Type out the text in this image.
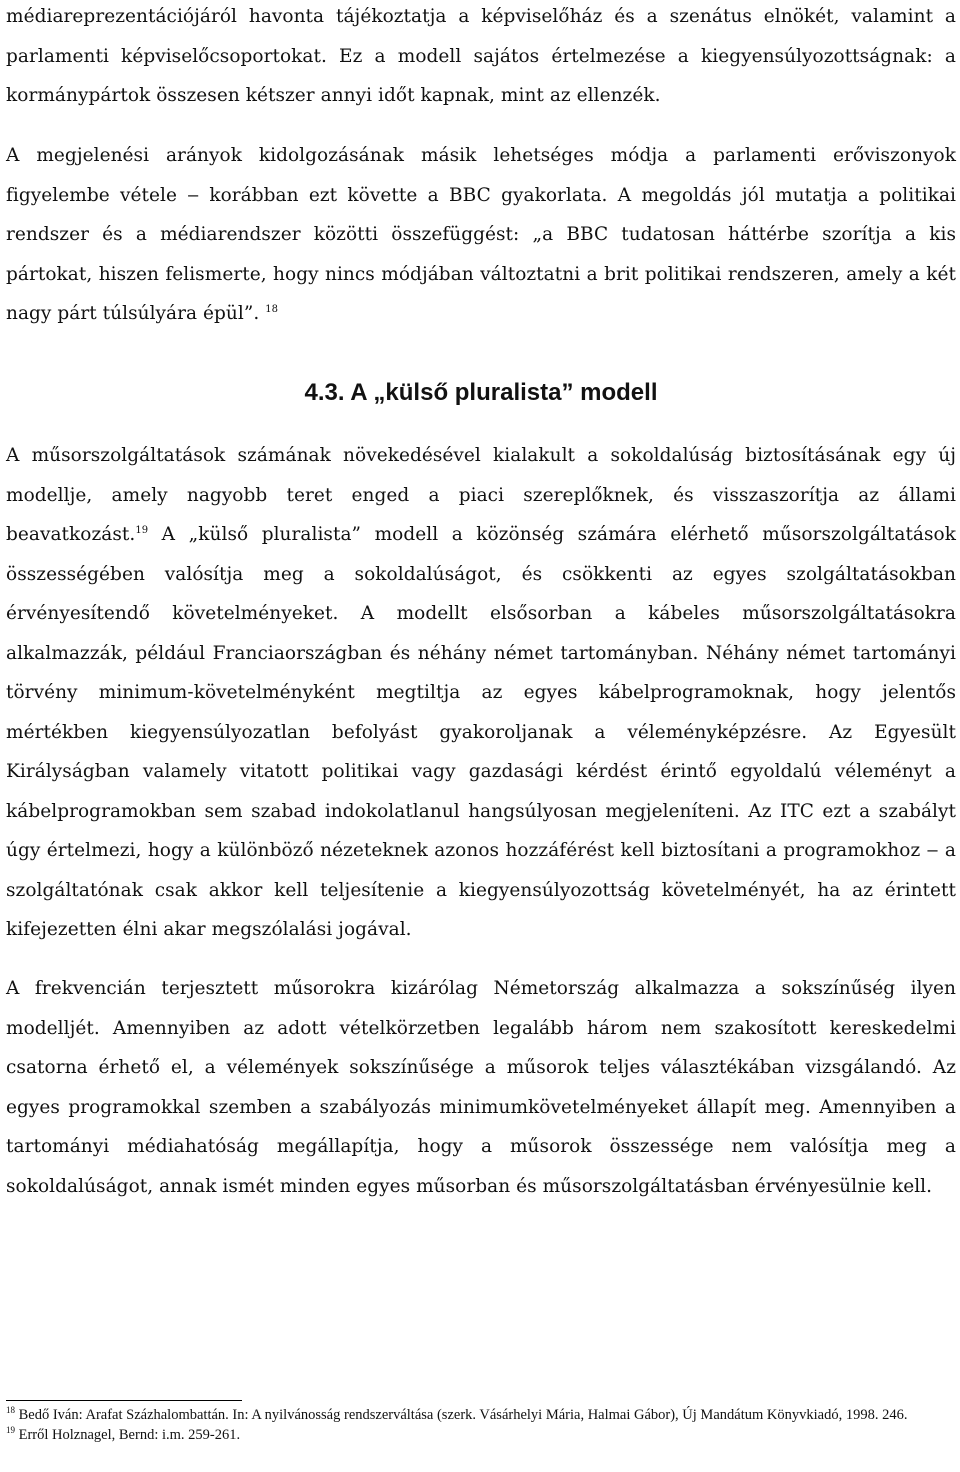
médiareprezentációjáról havonta tájékoztatja a képviselőház és a szenátus elnökét, valamint a parlamenti képviselőcsoportokat. Ez a modell sajátos értelmezése a kiegyensúlyozottságnak: a kormánypártok összesen kétszer annyi időt kapnak, mint az ellenzék.

A megjelenési arányok kidolgozásának másik lehetséges módja a parlamenti erőviszonyok figyelembe vétele ‒ korábban ezt követte a BBC gyakorlata. A megoldás jól mutatja a politikai rendszer és a médiarendszer közötti összefüggést: „a BBC tudatosan háttérbe szorítja a kis pártokat, hiszen felismerte, hogy nincs módjában változtatni a brit politikai rendszeren, amely a két nagy párt túlsúlyára épül”. $^{18}$

4.3. A „külső pluralista” modell

A műsorszolgáltatások számának növekedésével kialakult a sokoldalúság biztosításának egy új modellje, amely nagyobb teret enged a piaci szereplőknek, és visszaszorítja az állami beavatkozást.$^{19}$ A „külső pluralista” modell a közönség számára elérhető műsorszolgáltatások összességében valósítja meg a sokoldalúságot, és csökkenti az egyes szolgáltatásokban érvényesítendő követelményeket. A modellt elsősorban a kábeles műsorszolgáltatásokra alkalmazzák, például Franciaországban és néhány német tartományban. Néhány német tartományi törvény minimum-követelményként megtiltja az egyes kábelprogramoknak, hogy jelentős mértékben kiegyensúlyozatlan befolyást gyakoroljanak a véleményképzésre. Az Egyesült Királyságban valamely vitatott politikai vagy gazdasági kérdést érintő egyoldalú véleményt a kábelprogramokban sem szabad indokolatlanul hangsúlyosan megjeleníteni. Az ITC ezt a szabályt úgy értelmezi, hogy a különböző nézeteknek azonos hozzáférést kell biztosítani a programokhoz ‒ a szolgáltatónak csak akkor kell teljesítenie a kiegyensúlyozottság követelményét, ha az érintett kifejezetten élni akar megszólalási jogával.

A frekvencián terjesztett műsorokra kizárólag Németország alkalmazza a sokszínűség ilyen modelljét. Amennyiben az adott vételkörzetben legalább három nem szakosított kereskedelmi csatorna érhető el, a vélemények sokszínűsége a műsorok teljes választékában vizsgálandó. Az egyes programokkal szemben a szabályozás minimumkövetelményeket állapít meg. Amennyiben a tartományi médiahatóság megállapítja, hogy a műsorok összessége nem valósítja meg a sokoldalúságot, annak ismét minden egyes műsorban és műsorszolgáltatásban érvényesülnie kell.

$^{18}$ Bedő Iván: Arafat Százhalombattán. In: A nyilvánosság rendszerváltása (szerk. Vásárhelyi Mária, Halmai Gábor), Új Mandátum Könyvkiadó, 1998. 246.

$^{19}$ Erről Holznagel, Bernd: i.m. 259-261.
